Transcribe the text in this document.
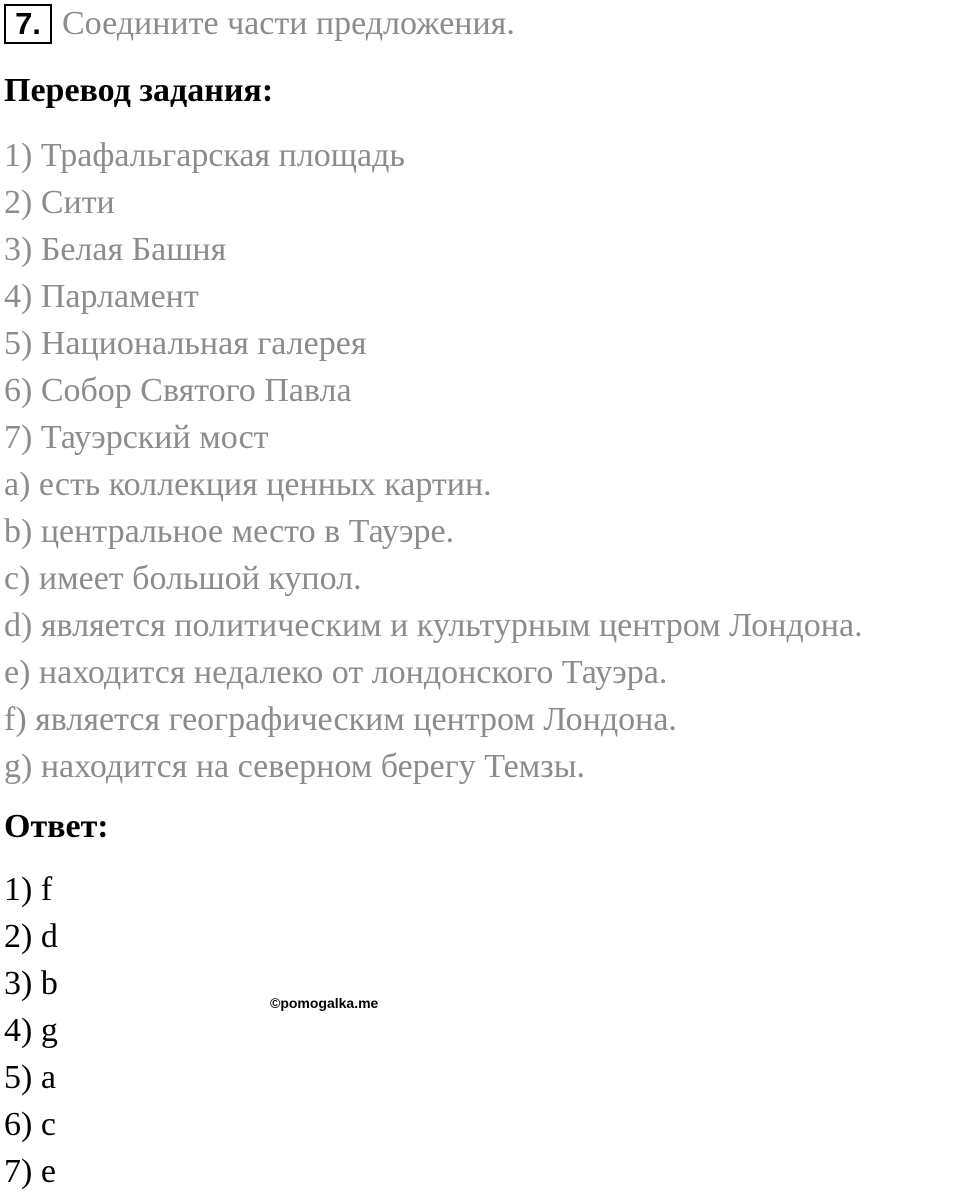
7. Соедините части предложения.
Перевод задания:
1) Трафальгарская площадь
2) Сити
3) Белая Башня
4) Парламент
5) Национальная галерея
6) Собор Святого Павла
7) Тауэрский мост
a) есть коллекция ценных картин.
b) центральное место в Тауэре.
c) имеет большой купол.
d) является политическим и культурным центром Лондона.
e) находится недалеко от лондонского Тауэра.
f) является географическим центром Лондона.
g) находится на северном берегу Темзы.
Ответ:
1) f
2) d
3) b
4) g
5) a
6) c
7) e
©pomogalka.me
